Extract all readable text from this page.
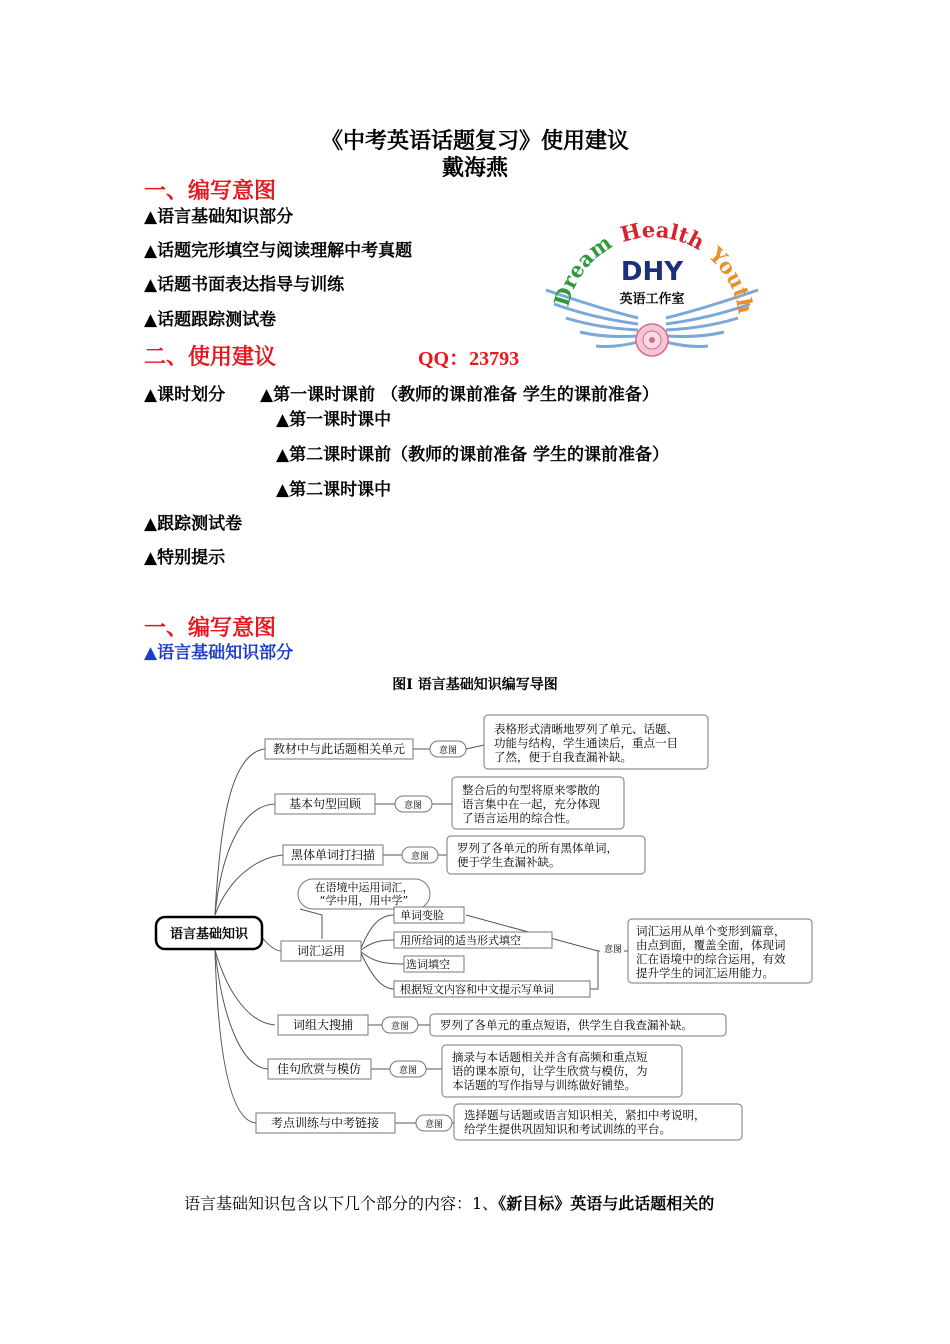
《中考英语话题复习》使用建议
戴海燕
一、编写意图
▲语言基础知识部分
▲话题完形填空与阅读理解中考真题
▲话题书面表达指导与训练
▲话题跟踪测试卷
二、使用建议	QQ：23793
DreamHealth Youth
DHY
英语工作室
▲课时划分 ▲第一课时课前 （教师的课前准备 学生的课前准备）
▲第一课时课中
▲第二课时课前（教师的课前准备 学生的课前准备）
▲第二课时课中
▲跟踪测试卷
▲特别提示
一、编写意图
▲语言基础知识部分
图Ⅰ 语言基础知识编写导图
语言基础知识
教材中与此话题相关单元	意图
表格形式清晰地罗列了单元、话题、功能与结构，学生通读后，重点一目了然，便于自我查漏补缺。
基本句型回顾	意图
整合后的句型将原来零散的语言集中在一起，充分体现了语言运用的综合性。
黑体单词打扫描	意图
罗列了各单元的所有黑体单词，便于学生查漏补缺。
在语境中运用词汇，“学中用，用中学”
词汇运用
单词变脸
用所给词的适当形式填空
选词填空
根据短文内容和中文提示写单词
意图
词汇运用从单个变形到篇章，由点到面，覆盖全面，体现词汇在语境中的综合运用，有效提升学生的词汇运用能力。
词组大搜捕	意图	罗列了各单元的重点短语，供学生自我查漏补缺。
佳句欣赏与模仿	意图
摘录与本话题相关并含有高频和重点短语的课本原句，让学生欣赏与模仿，为本话题的写作指导与训练做好铺垫。
考点训练与中考链接	意图
选择题与话题或语言知识相关，紧扣中考说明，给学生提供巩固知识和考试训练的平台。
语言基础知识包含以下几个部分的内容：1、《新目标》英语与此话题相关的
